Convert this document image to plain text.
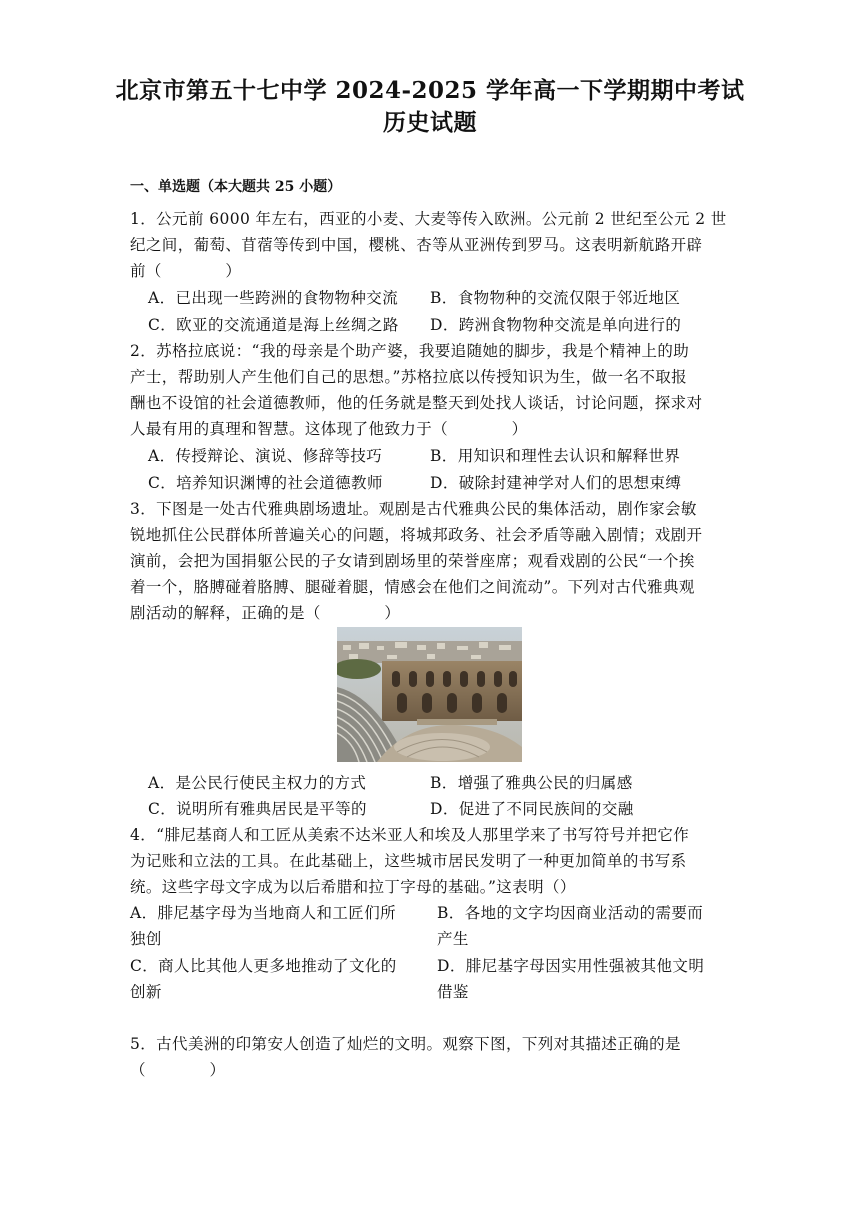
北京市第五十七中学 2024-2025 学年高一下学期期中考试
历史试题
一、单选题（本大题共 25 小题）
1．公元前 6000 年左右，西亚的小麦、大麦等传入欧洲。公元前 2 世纪至公元 2 世
纪之间，葡萄、苜蓿等传到中国，樱桃、杏等从亚洲传到罗马。这表明新航路开辟
前（　　　　）
A．已出现一些跨洲的食物物种交流 B．食物物种的交流仅限于邻近地区
C．欧亚的交流通道是海上丝绸之路 D．跨洲食物物种交流是单向进行的
2．苏格拉底说：“我的母亲是个助产婆，我要追随她的脚步，我是个精神上的助
产士，帮助别人产生他们自己的思想。”苏格拉底以传授知识为生，做一名不取报
酬也不设馆的社会道德教师，他的任务就是整天到处找人谈话，讨论问题，探求对
人最有用的真理和智慧。这体现了他致力于（　　　　）
A．传授辩论、演说、修辞等技巧	B．用知识和理性去认识和解释世界
C．培养知识渊博的社会道德教师	D．破除封建神学对人们的思想束缚
3．下图是一处古代雅典剧场遗址。观剧是古代雅典公民的集体活动，剧作家会敏
锐地抓住公民群体所普遍关心的问题，将城邦政务、社会矛盾等融入剧情；戏剧开
演前，会把为国捐躯公民的子女请到剧场里的荣誉座席；观看戏剧的公民“一个挨
着一个，胳膊碰着胳膊、腿碰着腿，情感会在他们之间流动”。下列对古代雅典观
剧活动的解释，正确的是（　　　　）
A．是公民行使民主权力的方式	B．增强了雅典公民的归属感
C．说明所有雅典居民是平等的	D．促进了不同民族间的交融
4．“腓尼基商人和工匠从美索不达米亚人和埃及人那里学来了书写符号并把它作
为记账和立法的工具。在此基础上，这些城市居民发明了一种更加简单的书写系
统。这些字母文字成为以后希腊和拉丁字母的基础。”这表明（）
A．腓尼基字母为当地商人和工匠们所
独创
B．各地的文字均因商业活动的需要而
产生
C．商人比其他人更多地推动了文化的
创新
D．腓尼基字母因实用性强被其他文明
借鉴
5．古代美洲的印第安人创造了灿烂的文明。观察下图，下列对其描述正确的是
（　　　　）
